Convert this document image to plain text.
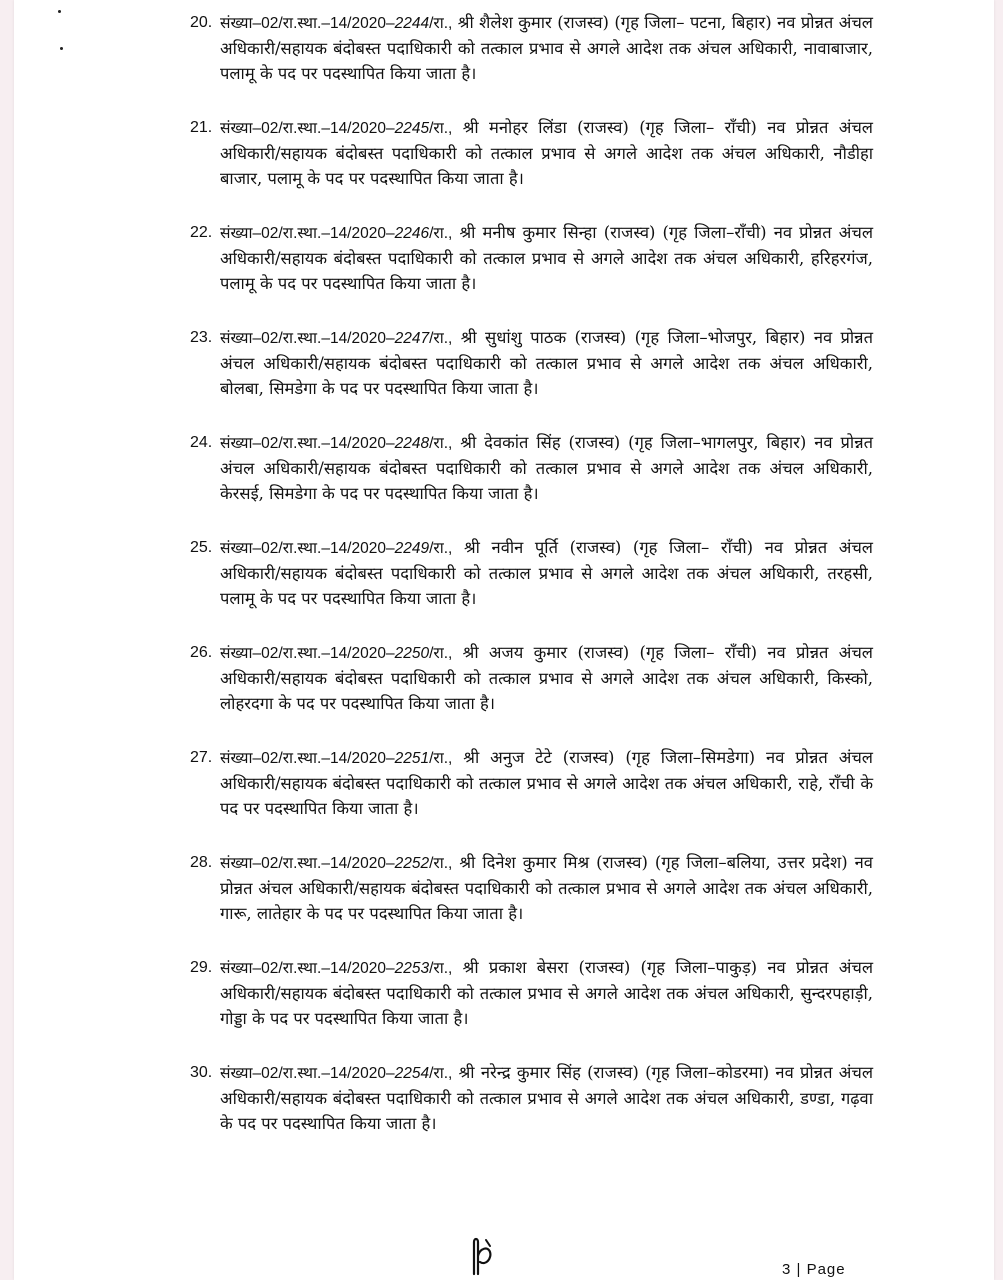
20. संख्या–02/रा.स्था.–14/2020–2244/रा., श्री शैलेश कुमार (राजस्व) (गृह जिला– पटना, बिहार) नव प्रोन्नत अंचल अधिकारी/सहायक बंदोबस्त पदाधिकारी को तत्काल प्रभाव से अगले आदेश तक अंचल अधिकारी, नावाबाजार, पलामू के पद पर पदस्थापित किया जाता है।
21. संख्या–02/रा.स्था.–14/2020–2245/रा., श्री मनोहर लिंडा (राजस्व) (गृह जिला– राँची) नव प्रोन्नत अंचल अधिकारी/सहायक बंदोबस्त पदाधिकारी को तत्काल प्रभाव से अगले आदेश तक अंचल अधिकारी, नौडीहा बाजार, पलामू के पद पर पदस्थापित किया जाता है।
22. संख्या–02/रा.स्था.–14/2020–2246/रा., श्री मनीष कुमार सिन्हा (राजस्व) (गृह जिला–राँची) नव प्रोन्नत अंचल अधिकारी/सहायक बंदोबस्त पदाधिकारी को तत्काल प्रभाव से अगले आदेश तक अंचल अधिकारी, हरिहरगंज, पलामू के पद पर पदस्थापित किया जाता है।
23. संख्या–02/रा.स्था.–14/2020–2247/रा., श्री सुधांशु पाठक (राजस्व) (गृह जिला–भोजपुर, बिहार) नव प्रोन्नत अंचल अधिकारी/सहायक बंदोबस्त पदाधिकारी को तत्काल प्रभाव से अगले आदेश तक अंचल अधिकारी, बोलबा, सिमडेगा के पद पर पदस्थापित किया जाता है।
24. संख्या–02/रा.स्था.–14/2020–2248/रा., श्री देवकांत सिंह (राजस्व) (गृह जिला–भागलपुर, बिहार) नव प्रोन्नत अंचल अधिकारी/सहायक बंदोबस्त पदाधिकारी को तत्काल प्रभाव से अगले आदेश तक अंचल अधिकारी, केरसई, सिमडेगा के पद पर पदस्थापित किया जाता है।
25. संख्या–02/रा.स्था.–14/2020–2249/रा., श्री नवीन पूर्ति (राजस्व) (गृह जिला– राँची) नव प्रोन्नत अंचल अधिकारी/सहायक बंदोबस्त पदाधिकारी को तत्काल प्रभाव से अगले आदेश तक अंचल अधिकारी, तरहसी, पलामू के पद पर पदस्थापित किया जाता है।
26. संख्या–02/रा.स्था.–14/2020–2250/रा., श्री अजय कुमार (राजस्व) (गृह जिला– राँची) नव प्रोन्नत अंचल अधिकारी/सहायक बंदोबस्त पदाधिकारी को तत्काल प्रभाव से अगले आदेश तक अंचल अधिकारी, किस्को, लोहरदगा के पद पर पदस्थापित किया जाता है।
27. संख्या–02/रा.स्था.–14/2020–2251/रा., श्री अनुज टेटे (राजस्व) (गृह जिला–सिमडेगा) नव प्रोन्नत अंचल अधिकारी/सहायक बंदोबस्त पदाधिकारी को तत्काल प्रभाव से अगले आदेश तक अंचल अधिकारी, राहे, राँची के पद पर पदस्थापित किया जाता है।
28. संख्या–02/रा.स्था.–14/2020–2252/रा., श्री दिनेश कुमार मिश्र (राजस्व) (गृह जिला–बलिया, उत्तर प्रदेश) नव प्रोन्नत अंचल अधिकारी/सहायक बंदोबस्त पदाधिकारी को तत्काल प्रभाव से अगले आदेश तक अंचल अधिकारी, गारू, लातेहार के पद पर पदस्थापित किया जाता है।
29. संख्या–02/रा.स्था.–14/2020–2253/रा., श्री प्रकाश बेसरा (राजस्व) (गृह जिला–पाकुड़) नव प्रोन्नत अंचल अधिकारी/सहायक बंदोबस्त पदाधिकारी को तत्काल प्रभाव से अगले आदेश तक अंचल अधिकारी, सुन्दरपहाड़ी, गोड्डा के पद पर पदस्थापित किया जाता है।
30. संख्या–02/रा.स्था.–14/2020–2254/रा., श्री नरेन्द्र कुमार सिंह (राजस्व) (गृह जिला–कोडरमा) नव प्रोन्नत अंचल अधिकारी/सहायक बंदोबस्त पदाधिकारी को तत्काल प्रभाव से अगले आदेश तक अंचल अधिकारी, डण्डा, गढ़वा के पद पर पदस्थापित किया जाता है।
3 | Page
